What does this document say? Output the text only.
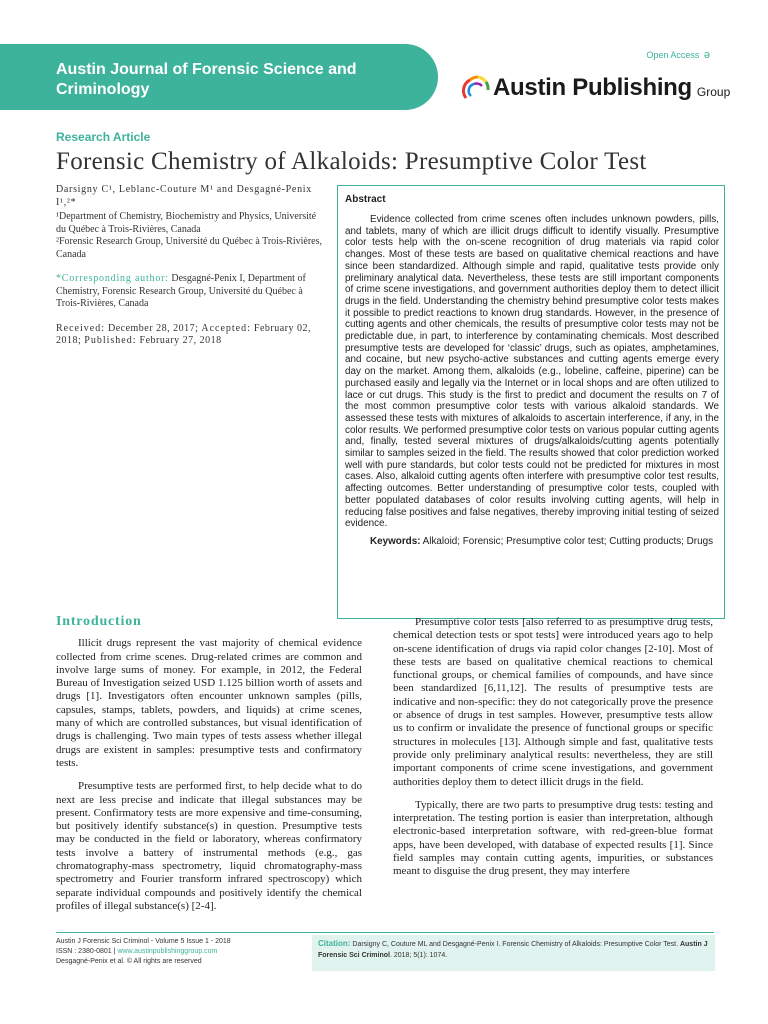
Austin Journal of Forensic Science and Criminology
Open Access ə
Austin Publishing Group
Research Article
Forensic Chemistry of Alkaloids: Presumptive Color Test

Darsigny C¹, Leblanc-Couture M¹ and Desgagné-Penix I¹,²*

¹Department of Chemistry, Biochemistry and Physics, Université du Québec à Trois-Rivières, Canada

²Forensic Research Group, Université du Québec à Trois-Rivières, Canada

*Corresponding author: Desgagné-Penix I, Department of Chemistry, Forensic Research Group, Université du Québec à Trois-Rivières, Canada

Received: December 28, 2017; Accepted: February 02, 2018; Published: February 27, 2018

Abstract

Evidence collected from crime scenes often includes unknown powders, pills, and tablets, many of which are illicit drugs difficult to identify visually. Presumptive color tests help with the on-scene recognition of drug materials via rapid color changes. Most of these tests are based on qualitative chemical reactions and have since been standardized. Although simple and rapid, qualitative tests provide only preliminary analytical data. Nevertheless, these tests are still important components of crime scene investigations, and government authorities deploy them to detect illicit drugs in the field. Understanding the chemistry behind presumptive color tests makes it possible to predict reactions to known drug standards. However, in the presence of cutting agents and other chemicals, the results of presumptive color tests may not be predictable due, in part, to interference by contaminating chemicals. Most described presumptive tests are developed for ‘classic’ drugs, such as opiates, amphetamines, and cocaine, but new psycho-active substances and cutting agents emerge every day on the market. Among them, alkaloids (e.g., lobeline, caffeine, piperine) can be purchased easily and legally via the Internet or in local shops and are often utilized to lace or cut drugs. This study is the first to predict and document the results on 7 of the most common presumptive color tests with various alkaloid standards. We assessed these tests with mixtures of alkaloids to ascertain interference, if any, in the color results. We performed presumptive color tests on various popular cutting agents and, finally, tested several mixtures of drugs/alkaloids/cutting agents potentially similar to samples seized in the field. The results showed that color prediction worked well with pure standards, but color tests could not be predicted for mixtures in most cases. Also, alkaloid cutting agents often interfere with presumptive color test results, affecting outcomes. Better understanding of presumptive color tests, coupled with better populated databases of color results involving cutting agents, will help in reducing false positives and false negatives, thereby improving initial testing of seized evidence.

Keywords: Alkaloid; Forensic; Presumptive color test; Cutting products; Drugs
Introduction

Illicit drugs represent the vast majority of chemical evidence collected from crime scenes. Drug-related crimes are common and involve large sums of money. For example, in 2012, the Federal Bureau of Investigation seized USD 1.125 billion worth of assets and drugs [1]. Investigators often encounter unknown samples (pills, capsules, stamps, tablets, powders, and liquids) at crime scenes, many of which are controlled substances, but visual identification of drugs is challenging. Two main types of tests assess whether illegal drugs are existent in samples: presumptive tests and confirmatory tests.

Presumptive tests are performed first, to help decide what to do next are less precise and indicate that illegal substances may be present. Confirmatory tests are more expensive and time-consuming, but positively identify substance(s) in question. Presumptive tests may be conducted in the field or laboratory, whereas confirmatory tests involve a battery of instrumental methods (e.g., gas chromatography-mass spectrometry, liquid chromatography-mass spectrometry and Fourier transform infrared spectroscopy) which separate individual compounds and positively identify the chemical profiles of illegal substance(s) [2-4].

Presumptive color tests [also referred to as presumptive drug tests, chemical detection tests or spot tests] were introduced years ago to help on-scene identification of drugs via rapid color changes [2-10]. Most of these tests are based on qualitative chemical reactions to chemical functional groups, or chemical families of compounds, and have since been standardized [6,11,12]. The results of presumptive tests are indicative and non-specific: they do not categorically prove the presence or absence of drugs in test samples. However, presumptive tests allow us to confirm or invalidate the presence of functional groups or specific structures in molecules [13]. Although simple and fast, qualitative tests provide only preliminary analytical results: nevertheless, they are still important components of crime scene investigations, and government authorities deploy them to detect illicit drugs in the field.

Typically, there are two parts to presumptive drug tests: testing and interpretation. The testing portion is easier than interpretation, although electronic-based interpretation software, with red-green-blue format apps, have been developed, with database of expected results [1]. Since field samples may contain cutting agents, impurities, or substances meant to disguise the drug present, they may interfere

Austin J Forensic Sci Criminol - Volume 5 Issue 1 - 2018
ISSN : 2380-0801 | www.austinpublishinggroup.com
Desgagné-Penix et al. © All rights are reserved
Citation: Darsigny C, Couture ML and Desgagné-Penix I. Forensic Chemistry of Alkaloids: Presumptive Color Test. Austin J Forensic Sci Criminol. 2018; 5(1): 1074.
